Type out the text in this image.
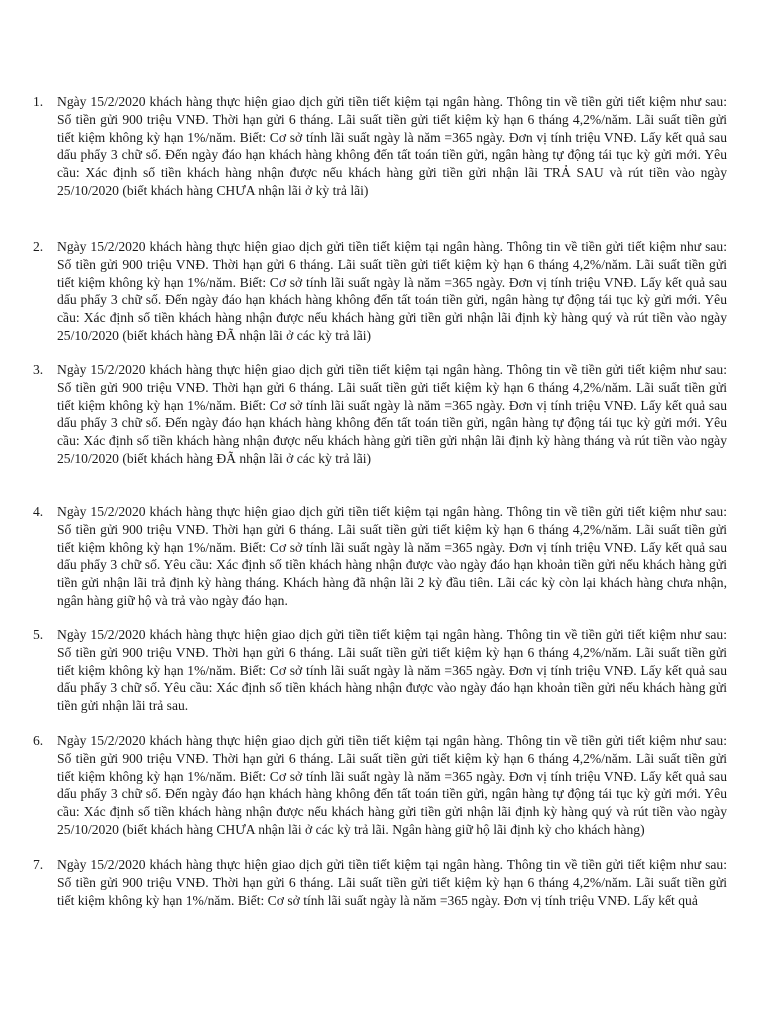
1. Ngày 15/2/2020 khách hàng thực hiện giao dịch gửi tiền tiết kiệm tại ngân hàng. Thông tin về tiền gửi tiết kiệm như sau: Số tiền gửi 900 triệu VNĐ. Thời hạn gửi 6 tháng. Lãi suất tiền gửi tiết kiệm kỳ hạn 6 tháng 4,2%/năm. Lãi suất tiền gửi tiết kiệm không kỳ hạn 1%/năm. Biết: Cơ sở tính lãi suất ngày là năm =365 ngày. Đơn vị tính triệu VNĐ. Lấy kết quả sau dấu phẩy 3 chữ số. Đến ngày đáo hạn khách hàng không đến tất toán tiền gửi, ngân hàng tự động tái tục kỳ gửi mới. Yêu cầu: Xác định số tiền khách hàng nhận được nếu khách hàng gửi tiền gửi nhận lãi TRẢ SAU và rút tiền vào ngày 25/10/2020 (biết khách hàng CHƯA nhận lãi ở kỳ trả lãi)
2. Ngày 15/2/2020 khách hàng thực hiện giao dịch gửi tiền tiết kiệm tại ngân hàng. Thông tin về tiền gửi tiết kiệm như sau: Số tiền gửi 900 triệu VNĐ. Thời hạn gửi 6 tháng. Lãi suất tiền gửi tiết kiệm kỳ hạn 6 tháng 4,2%/năm. Lãi suất tiền gửi tiết kiệm không kỳ hạn 1%/năm. Biết: Cơ sở tính lãi suất ngày là năm =365 ngày. Đơn vị tính triệu VNĐ. Lấy kết quả sau dấu phẩy 3 chữ số. Đến ngày đáo hạn khách hàng không đến tất toán tiền gửi, ngân hàng tự động tái tục kỳ gửi mới. Yêu cầu: Xác định số tiền khách hàng nhận được nếu khách hàng gửi tiền gửi nhận lãi định kỳ hàng quý và rút tiền vào ngày 25/10/2020 (biết khách hàng ĐÃ nhận lãi ở các kỳ trả lãi)
3. Ngày 15/2/2020 khách hàng thực hiện giao dịch gửi tiền tiết kiệm tại ngân hàng. Thông tin về tiền gửi tiết kiệm như sau: Số tiền gửi 900 triệu VNĐ. Thời hạn gửi 6 tháng. Lãi suất tiền gửi tiết kiệm kỳ hạn 6 tháng 4,2%/năm. Lãi suất tiền gửi tiết kiệm không kỳ hạn 1%/năm. Biết: Cơ sở tính lãi suất ngày là năm =365 ngày. Đơn vị tính triệu VNĐ. Lấy kết quả sau dấu phẩy 3 chữ số. Đến ngày đáo hạn khách hàng không đến tất toán tiền gửi, ngân hàng tự động tái tục kỳ gửi mới. Yêu cầu: Xác định số tiền khách hàng nhận được nếu khách hàng gửi tiền gửi nhận lãi định kỳ hàng tháng và rút tiền vào ngày 25/10/2020 (biết khách hàng ĐÃ nhận lãi ở các kỳ trả lãi)
4. Ngày 15/2/2020 khách hàng thực hiện giao dịch gửi tiền tiết kiệm tại ngân hàng. Thông tin về tiền gửi tiết kiệm như sau: Số tiền gửi 900 triệu VNĐ. Thời hạn gửi 6 tháng. Lãi suất tiền gửi tiết kiệm kỳ hạn 6 tháng 4,2%/năm. Lãi suất tiền gửi tiết kiệm không kỳ hạn 1%/năm. Biết: Cơ sở tính lãi suất ngày là năm =365 ngày. Đơn vị tính triệu VNĐ. Lấy kết quả sau dấu phẩy 3 chữ số. Yêu cầu: Xác định số tiền khách hàng nhận được vào ngày đáo hạn khoản tiền gửi nếu khách hàng gửi tiền gửi nhận lãi trả định kỳ hàng tháng. Khách hàng đã nhận lãi 2 kỳ đầu tiên. Lãi các kỳ còn lại khách hàng chưa nhận, ngân hàng giữ hộ và trả vào ngày đáo hạn.
5. Ngày 15/2/2020 khách hàng thực hiện giao dịch gửi tiền tiết kiệm tại ngân hàng. Thông tin về tiền gửi tiết kiệm như sau: Số tiền gửi 900 triệu VNĐ. Thời hạn gửi 6 tháng. Lãi suất tiền gửi tiết kiệm kỳ hạn 6 tháng 4,2%/năm. Lãi suất tiền gửi tiết kiệm không kỳ hạn 1%/năm. Biết: Cơ sở tính lãi suất ngày là năm =365 ngày. Đơn vị tính triệu VNĐ. Lấy kết quả sau dấu phẩy 3 chữ số. Yêu cầu: Xác định số tiền khách hàng nhận được vào ngày đáo hạn khoản tiền gửi nếu khách hàng gửi tiền gửi nhận lãi trả sau.
6. Ngày 15/2/2020 khách hàng thực hiện giao dịch gửi tiền tiết kiệm tại ngân hàng. Thông tin về tiền gửi tiết kiệm như sau: Số tiền gửi 900 triệu VNĐ. Thời hạn gửi 6 tháng. Lãi suất tiền gửi tiết kiệm kỳ hạn 6 tháng 4,2%/năm. Lãi suất tiền gửi tiết kiệm không kỳ hạn 1%/năm. Biết: Cơ sở tính lãi suất ngày là năm =365 ngày. Đơn vị tính triệu VNĐ. Lấy kết quả sau dấu phẩy 3 chữ số. Đến ngày đáo hạn khách hàng không đến tất toán tiền gửi, ngân hàng tự động tái tục kỳ gửi mới. Yêu cầu: Xác định số tiền khách hàng nhận được nếu khách hàng gửi tiền gửi nhận lãi định kỳ hàng quý và rút tiền vào ngày 25/10/2020 (biết khách hàng CHƯA nhận lãi ở các kỳ trả lãi. Ngân hàng giữ hộ lãi định kỳ cho khách hàng)
7. Ngày 15/2/2020 khách hàng thực hiện giao dịch gửi tiền tiết kiệm tại ngân hàng. Thông tin về tiền gửi tiết kiệm như sau: Số tiền gửi 900 triệu VNĐ. Thời hạn gửi 6 tháng. Lãi suất tiền gửi tiết kiệm kỳ hạn 6 tháng 4,2%/năm. Lãi suất tiền gửi tiết kiệm không kỳ hạn 1%/năm. Biết: Cơ sở tính lãi suất ngày là năm =365 ngày. Đơn vị tính triệu VNĐ. Lấy kết quả
